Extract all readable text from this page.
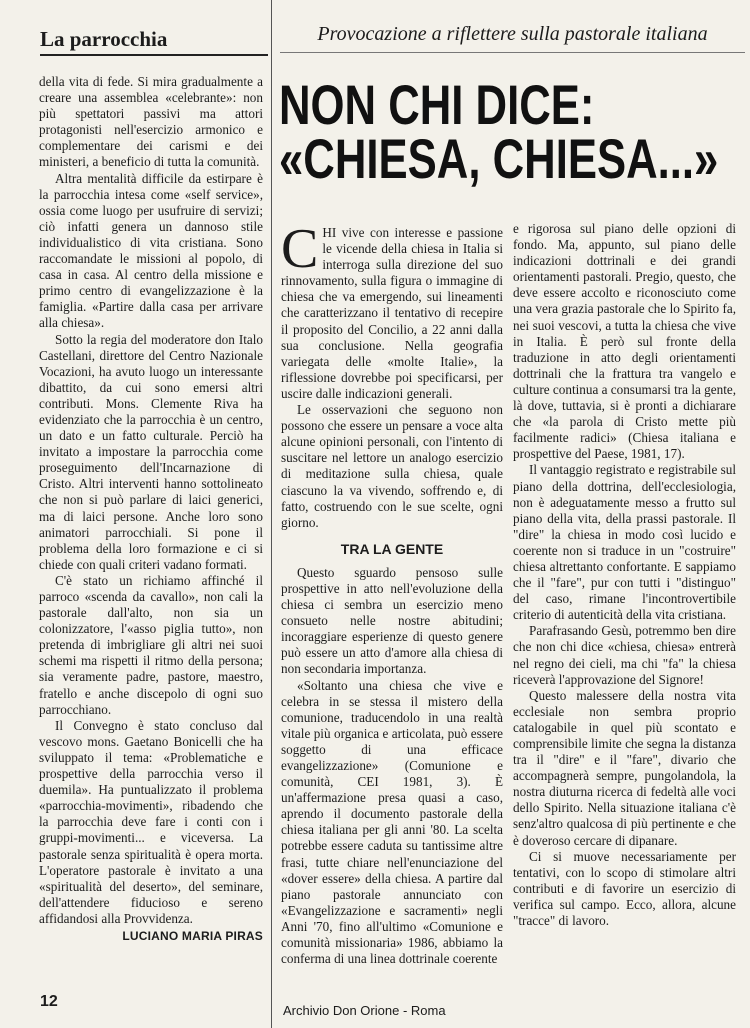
La parrocchia	Provocazione a riflettere sulla pastorale italiana
NON CHI DICE:
«CHIESA, CHIESA...»

della vita di fede. Si mira gradualmente a creare una assemblea «celebrante»: non più spettatori passivi ma attori protagonisti nell'esercizio armonico e complementare dei carismi e dei ministeri, a beneficio di tutta la comunità.

Altra mentalità difficile da estirpare è la parrocchia intesa come «self service», ossia come luogo per usufruire di servizi; ciò infatti genera un dannoso stile individualistico di vita cristiana. Sono raccomandate le missioni al popolo, di casa in casa. Al centro della missione e primo centro di evangelizzazione è la famiglia. «Partire dalla casa per arrivare alla chiesa».

Sotto la regia del moderatore don Italo Castellani, direttore del Centro Nazionale Vocazioni, ha avuto luogo un interessante dibattito, da cui sono emersi altri contributi. Mons. Clemente Riva ha evidenziato che la parrocchia è un centro, un dato e un fatto culturale. Perciò ha invitato a impostare la parrocchia come proseguimento dell'Incarnazione di Cristo. Altri interventi hanno sottolineato che non si può parlare di laici generici, ma di laici persone. Anche loro sono animatori parrocchiali. Si pone il problema della loro formazione e ci si chiede con quali criteri vadano formati.

C'è stato un richiamo affinché il parroco «scenda da cavallo», non cali la pastorale dall'alto, non sia un colonizzatore, l'«asso piglia tutto», non pretenda di imbrigliare gli altri nei suoi schemi ma rispetti il ritmo della persona; sia veramente padre, pastore, maestro, fratello e anche discepolo di ogni suo parrocchiano.

Il Convegno è stato concluso dal vescovo mons. Gaetano Bonicelli che ha sviluppato il tema: «Problematiche e prospettive della parrocchia verso il duemila». Ha puntualizzato il problema «parrocchia-movimenti», ribadendo che la parrocchia deve fare i conti con i gruppi-movimenti... e viceversa. La pastorale senza spiritualità è opera morta. L'operatore pastorale è invitato a una «spiritualità del deserto», del seminare, dell'attendere fiducioso e sereno affidandosi alla Provvidenza.

LUCIANO MARIA PIRAS

CHI vive con interesse e passione le vicende della chiesa in Italia si interroga sulla direzione del suo rinnovamento, sulla figura o immagine di chiesa che va emergendo, sui lineamenti che caratterizzano il tentativo di recepire il proposito del Concilio, a 22 anni dalla sua conclusione. Nella geografia variegata delle «molte Italie», la riflessione dovrebbe poi specificarsi, per uscire dalle indicazioni generali.

Le osservazioni che seguono non possono che essere un pensare a voce alta alcune opinioni personali, con l'intento di suscitare nel lettore un analogo esercizio di meditazione sulla chiesa, quale ciascuno la va vivendo, soffrendo e, di fatto, costruendo con le sue scelte, ogni giorno.

TRA LA GENTE

Questo sguardo pensoso sulle prospettive in atto nell'evoluzione della chiesa ci sembra un esercizio meno consueto nelle nostre abitudini; incoraggiare esperienze di questo genere può essere un atto d'amore alla chiesa di non secondaria importanza.

«Soltanto una chiesa che vive e celebra in se stessa il mistero della comunione, traducendolo in una realtà vitale più organica e articolata, può essere soggetto di una efficace evangelizzazione» (Comunione e comunità, CEI 1981, 3). È un'affermazione presa quasi a caso, aprendo il documento pastorale della chiesa italiana per gli anni '80. La scelta potrebbe essere caduta su tantissime altre frasi, tutte chiare nell'enunciazione del «dover essere» della chiesa. A partire dal piano pastorale annunciato con «Evangelizzazione e sacramenti» negli Anni '70, fino all'ultimo «Comunione e comunità missionaria» 1986, abbiamo la conferma di una linea dottrinale coerente

e rigorosa sul piano delle opzioni di fondo. Ma, appunto, sul piano delle indicazioni dottrinali e dei grandi orientamenti pastorali. Pregio, questo, che deve essere accolto e riconosciuto come una vera grazia pastorale che lo Spirito fa, nei suoi vescovi, a tutta la chiesa che vive in Italia. È però sul fronte della traduzione in atto degli orientamenti dottrinali che la frattura tra vangelo e culture continua a consumarsi tra la gente, là dove, tuttavia, si è pronti a dichiarare che «la parola di Cristo mette più facilmente radici» (Chiesa italiana e prospettive del Paese, 1981, 17).

Il vantaggio registrato e registrabile sul piano della dottrina, dell'ecclesiologia, non è adeguatamente messo a frutto sul piano della vita, della prassi pastorale. Il "dire" la chiesa in modo così lucido e coerente non si traduce in un "costruire" chiesa altrettanto confortante. E sappiamo che il "fare", pur con tutti i "distinguo" del caso, rimane l'incontrovertibile criterio di autenticità della vita cristiana.

Parafrasando Gesù, potremmo ben dire che non chi dice «chiesa, chiesa» entrerà nel regno dei cieli, ma chi "fa" la chiesa riceverà l'approvazione del Signore!

Questo malessere della nostra vita ecclesiale non sembra proprio catalogabile in quel più scontato e comprensibile limite che segna la distanza tra il "dire" e il "fare", divario che accompagnerà sempre, pungolandola, la nostra diuturna ricerca di fedeltà alle voci dello Spirito. Nella situazione italiana c'è senz'altro qualcosa di più pertinente e che è doveroso cercare di dipanare.

Ci si muove necessariamente per tentativi, con lo scopo di stimolare altri contributi e di favorire un esercizio di verifica sul campo. Ecco, allora, alcune "tracce" di lavoro.

12
Archivio Don Orione - Roma
